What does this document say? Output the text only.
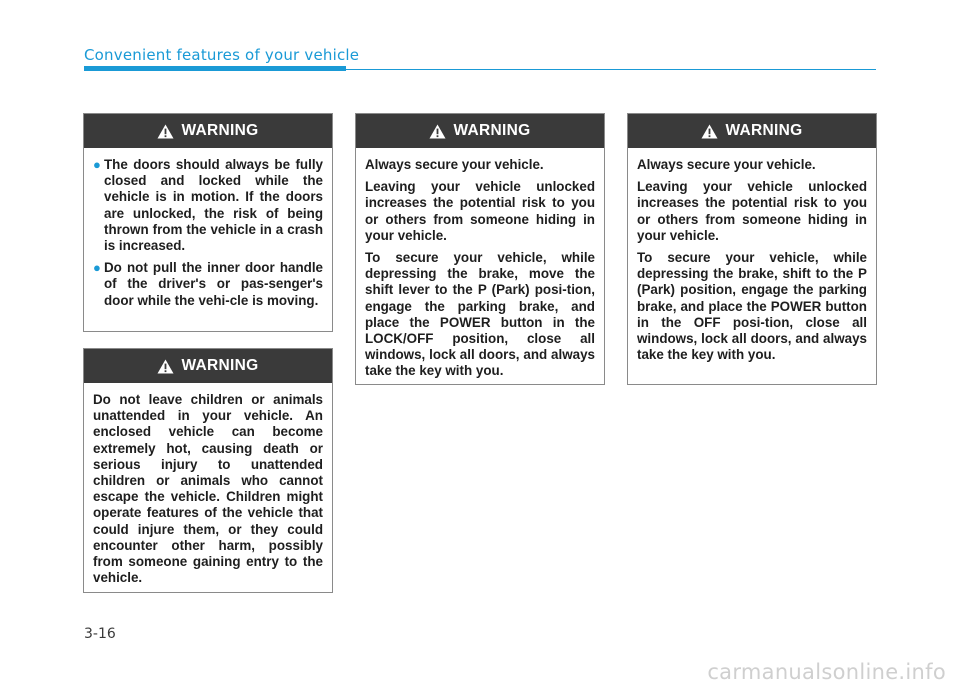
Convenient features of your vehicle
WARNING
● The doors should always be fully closed and locked while the vehicle is in motion. If the doors are unlocked, the risk of being thrown from the vehicle in a crash is increased.
● Do not pull the inner door handle of the driver's or pas-senger's door while the vehi-cle is moving.
WARNING

Do not leave children or animals unattended in your vehicle. An enclosed vehicle can become extremely hot, causing death or serious injury to unattended children or animals who cannot escape the vehicle. Children might operate features of the vehicle that could injure them, or they could encounter other harm, possibly from someone gaining entry to the vehicle.

WARNING

Always secure your vehicle.

Leaving your vehicle unlocked increases the potential risk to you or others from someone hiding in your vehicle.

To secure your vehicle, while depressing the brake, move the shift lever to the P (Park) posi-tion, engage the parking brake, and place the POWER button in the LOCK/OFF position, close all windows, lock all doors, and always take the key with you.

WARNING

Always secure your vehicle.

Leaving your vehicle unlocked increases the potential risk to you or others from someone hiding in your vehicle.

To secure your vehicle, while depressing the brake, shift to the P (Park) position, engage the parking brake, and place the POWER button in the OFF posi-tion, close all windows, lock all doors, and always take the key with you.

3-16
carmanualsonline.info
